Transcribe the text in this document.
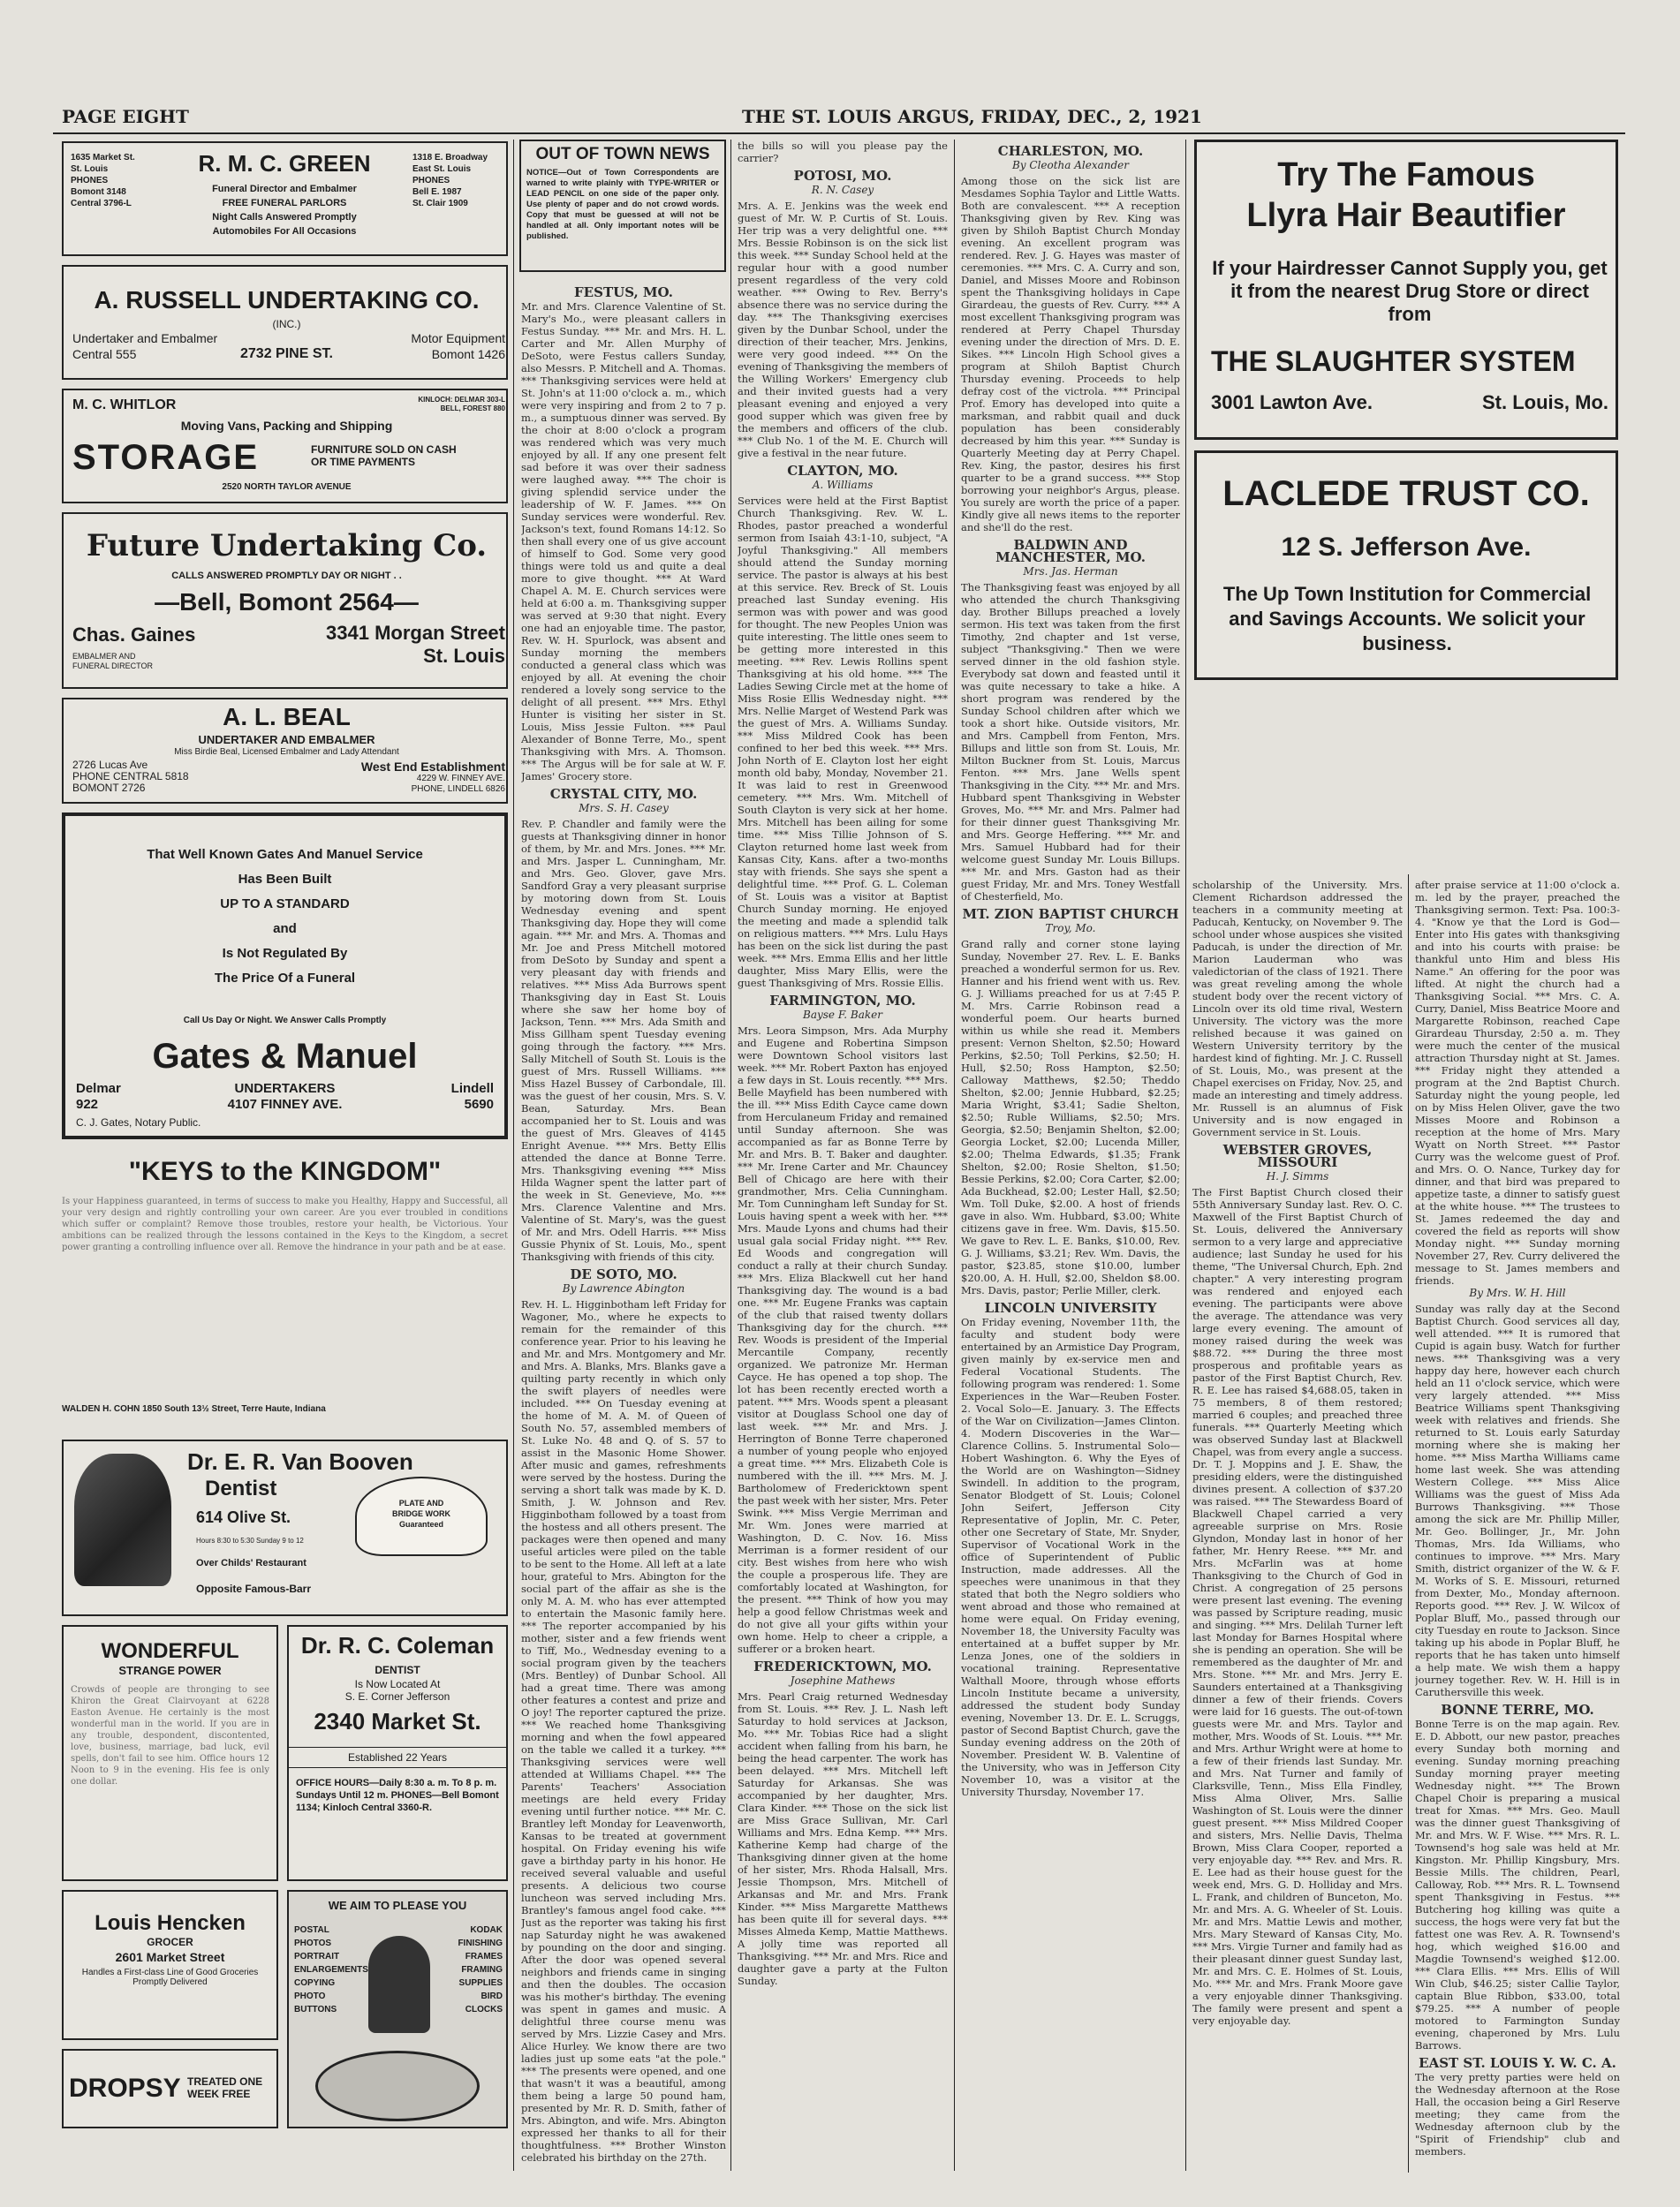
PAGE EIGHT	THE ST. LOUIS ARGUS, FRIDAY, DEC., 2, 1921
1635 Market St.
St. Louis
PHONES
Bomont 3148
Central 3796-L
R. M. C. GREEN
Funeral Director and Embalmer
FREE FUNERAL PARLORS
Night Calls Answered Promptly
Automobiles For All Occasions
1318 E. Broadway
East St. Louis
PHONES
Bell E. 1987
St. Clair 1909
A. RUSSELL UNDERTAKING CO.
(INC.)
Undertaker and Embalmer
Central 555	2732 PINE ST.
Motor Equipment
Bomont 1426
M. C. WHITLOR	KINLOCH: DELMAR 303-L
BELL, FOREST 880
Moving Vans, Packing and Shipping
STORAGE	FURNITURE SOLD ON CASH
OR TIME PAYMENTS
2520 NORTH TAYLOR AVENUE
Future Undertaking Co.
CALLS ANSWERED PROMPTLY DAY OR NIGHT . .
—Bell, Bomont 2564—
Chas. Gaines
EMBALMER AND
FUNERAL DIRECTOR
3341 Morgan Street
St. Louis
A. L. BEAL
UNDERTAKER AND EMBALMER
Miss Birdie Beal, Licensed Embalmer and Lady Attendant
2726 Lucas Ave
PHONE CENTRAL 5818
BOMONT 2726
West End Establishment
4229 W. FINNEY AVE.
PHONE, LINDELL 6826
That Well Known Gates And Manuel Service
Has Been Built
UP TO A STANDARD
and
Is Not Regulated By
The Price Of a Funeral
Call Us Day Or Night. We Answer Calls Promptly
Gates & Manuel
Delmar
922
UNDERTAKERS
4107 FINNEY AVE.
Lindell
5690
C. J. Gates, Notary Public.
"KEYS to the KINGDOM"
Is your Happiness guaranteed, in terms of success to make you Healthy, Happy and Successful, all your very design and rightly controlling your own career. Are you ever troubled in conditions which suffer or complaint? Remove those troubles, restore your health, be Victorious. Your ambitions can be realized through the lessons contained in the Keys to the Kingdom, a secret power granting a controlling influence over all. Remove the hindrance in your path and be at ease.
WALDEN H. COHN 1850 South 13½ Street, Terre Haute, Indiana
Dr. E. R. Van Booven
Dentist
614 Olive St.
PLATE AND
BRIDGE WORK
Guaranteed
Hours 8:30 to 5:30 Sunday 9 to 12
Over Childs' Restaurant
Opposite Famous-Barr
WONDERFUL
STRANGE POWER
Crowds of people are thronging to see Khiron the Great Clairvoyant at 6228 Easton Avenue. He certainly is the most wonderful man in the world. If you are in any trouble, despondent, discontented, love, business, marriage, bad luck, evil spells, don't fail to see him. Office hours 12 Noon to 9 in the evening. His fee is only one dollar.
Dr. R. C. Coleman
DENTIST
Is Now Located At
S. E. Corner Jefferson
2340 Market St.
Established 22 Years
OFFICE HOURS—Daily 8:30 a. m. To 8 p. m. Sundays Until 12 m. PHONES—Bell Bomont 1134; Kinloch Central 3360-R.
Louis Hencken
GROCER
2601 Market Street
Handles a First-class Line of Good Groceries Promptly Delivered
DROPSY TREATED ONE
WEEK FREE
WE AIM TO PLEASE YOU
POSTAL
PHOTOS
PORTRAIT
ENLARGEMENTS
COPYING
PHOTO
BUTTONS
KODAK
FINISHING
FRAMES
FRAMING
SUPPLIES
BIRD
CLOCKS
OUT OF TOWN NEWS
NOTICE—Out of Town Correspondents are warned to write plainly with TYPE-WRITER or LEAD PENCIL on one side of the paper only. Use plenty of paper and do not crowd words. Copy that must be guessed at will not be handled at all. Only important notes will be published.
FESTUS, MO.

Mr. and Mrs. Clarence Valentine of St. Mary's Mo., were pleasant callers in Festus Sunday. *** Mr. and Mrs. H. L. Carter and Mr. Allen Murphy of DeSoto, were Festus callers Sunday, also Messrs. P. Mitchell and A. Thomas. *** Thanksgiving services were held at St. John's at 11:00 o'clock a. m., which were very inspiring and from 2 to 7 p. m., a sumptuous dinner was served. By the choir at 8:00 o'clock a program was rendered which was very much enjoyed by all. If any one present felt sad before it was over their sadness were laughed away. *** The choir is giving splendid service under the leadership of W. F. James. *** On Sunday services were wonderful. Rev. Jackson's text, found Romans 14:12. So then shall every one of us give account of himself to God. Some very good things were told us and quite a deal more to give thought. *** At Ward Chapel A. M. E. Church services were held at 6:00 a. m. Thanksgiving supper was served at 9:30 that night. Every one had an enjoyable time. The pastor, Rev. W. H. Spurlock, was absent and Sunday morning the members conducted a general class which was enjoyed by all. At evening the choir rendered a lovely song service to the delight of all present. *** Mrs. Ethyl Hunter is visiting her sister in St. Louis, Miss Jessie Fulton. *** Paul Alexander of Bonne Terre, Mo., spent Thanksgiving with Mrs. A. Thomson. *** The Argus will be for sale at W. F. James' Grocery store.

CRYSTAL CITY, MO.
Mrs. S. H. Casey

Rev. P. Chandler and family were the guests at Thanksgiving dinner in honor of them, by Mr. and Mrs. Jones. *** Mr. and Mrs. Jasper L. Cunningham, Mr. and Mrs. Geo. Glover, gave Mrs. Sandford Gray a very pleasant surprise by motoring down from St. Louis Wednesday evening and spent Thanksgiving day. Hope they will come again. *** Mr. and Mrs. A. Thomas and Mr. Joe and Press Mitchell motored from DeSoto by Sunday and spent a very pleasant day with friends and relatives. *** Miss Ada Burrows spent Thanksgiving day in East St. Louis where she saw her home boy of Jackson, Tenn. *** Mrs. Ada Smith and Miss Gillham spent Tuesday evening going through the factory. *** Mrs. Sally Mitchell of South St. Louis is the guest of Mrs. Russell Williams. *** Miss Hazel Bussey of Carbondale, Ill. was the guest of her cousin, Mrs. S. V. Bean, Saturday. Mrs. Bean accompanied her to St. Louis and was the guest of Mrs. Gleaves of 4145 Enright Avenue. *** Mrs. Betty Ellis attended the dance at Bonne Terre. Mrs. Thanksgiving evening *** Miss Hilda Wagner spent the latter part of the week in St. Genevieve, Mo. *** Mrs. Clarence Valentine and Mrs. Valentine of St. Mary's, was the guest of Mr. and Mrs. Odell Harris. *** Miss Gussie Phynix of St. Louis, Mo., spent Thanksgiving with friends of this city.

DE SOTO, MO.
By Lawrence Abington

Rev. H. L. Higginbotham left Friday for Wagoner, Mo., where he expects to remain for the remainder of this conference year. Prior to his leaving he and Mr. and Mrs. Montgomery and Mr. and Mrs. A. Blanks, Mrs. Blanks gave a quilting party recently in which only the swift players of needles were included. *** On Tuesday evening at the home of M. A. M. of Queen of South No. 57, assembled members of St. Luke No. 48 and Q. of S. 57 to assist in the Masonic Home Shower. After music and games, refreshments were served by the hostess. During the serving a short talk was made by K. D. Smith, J. W. Johnson and Rev. Higginbotham followed by a toast from the hostess and all others present. The packages were then opened and many useful articles were piled on the table to be sent to the Home. All left at a late hour, grateful to Mrs. Abington for the social part of the affair as she is the only M. A. M. who has ever attempted to entertain the Masonic family here. *** The reporter accompanied by his mother, sister and a few friends went to Tiff, Mo., Wednesday evening to a social program given by the teachers (Mrs. Bentley) of Dunbar School. All had a great time. There was among other features a contest and prize and O joy! The reporter captured the prize. *** We reached home Thanksgiving morning and when the fowl appeared on the table we called it a turkey. *** Thanksgiving services were well attended at Williams Chapel. *** The Parents' Teachers' Association meetings are held every Friday evening until further notice. *** Mr. C. Brantley left Monday for Leavenworth, Kansas to be treated at government hospital. On Friday evening his wife gave a birthday party in his honor. He received several valuable and useful presents. A delicious two course luncheon was served including Mrs. Brantley's famous angel food cake. *** Just as the reporter was taking his first nap Saturday night he was awakened by pounding on the door and singing. After the door was opened several neighbors and friends came in singing and then the doubles. The occasion was his mother's birthday. The evening was spent in games and music. A delightful three course menu was served by Mrs. Lizzie Casey and Mrs. Alice Hurley. We know there are two ladies just up some eats "at the pole." *** The presents were opened, and one that wasn't it was a beautiful, among them being a large 50 pound ham, presented by Mr. R. D. Smith, father of Mrs. Abington, and wife. Mrs. Abington expressed her thanks to all for their thoughtfulness. *** Brother Winston celebrated his birthday on the 27th.

the bills so will you please pay the carrier?

POTOSI, MO.
R. N. Casey

Mrs. A. E. Jenkins was the week end guest of Mr. W. P. Curtis of St. Louis. Her trip was a very delightful one. *** Mrs. Bessie Robinson is on the sick list this week. *** Sunday School held at the regular hour with a good number present regardless of the very cold weather. *** Owing to Rev. Berry's absence there was no service during the day. *** The Thanksgiving exercises given by the Dunbar School, under the direction of their teacher, Mrs. Jenkins, were very good indeed. *** On the evening of Thanksgiving the members of the Willing Workers' Emergency club and their invited guests had a very pleasant evening and enjoyed a very good supper which was given free by the members and officers of the club. *** Club No. 1 of the M. E. Church will give a festival in the near future.

CLAYTON, MO.
A. Williams

Services were held at the First Baptist Church Thanksgiving. Rev. W. L. Rhodes, pastor preached a wonderful sermon from Isaiah 43:1-10, subject, "A Joyful Thanksgiving." All members should attend the Sunday morning service. The pastor is always at his best at this service. Rev. Breck of St. Louis preached last Sunday evening. His sermon was with power and was good for thought. The new Peoples Union was quite interesting. The little ones seem to be getting more interested in this meeting. *** Rev. Lewis Rollins spent Thanksgiving at his old home. *** The Ladies Sewing Circle met at the home of Miss Rosie Ellis Wednesday night. *** Mrs. Nellie Marget of Westend Park was the guest of Mrs. A. Williams Sunday. *** Miss Mildred Cook has been confined to her bed this week. *** Mrs. John North of E. Clayton lost her eight month old baby, Monday, November 21. It was laid to rest in Greenwood cemetery. *** Mrs. Wm. Mitchell of South Clayton is very sick at her home. Mrs. Mitchell has been ailing for some time. *** Miss Tillie Johnson of S. Clayton returned home last week from Kansas City, Kans. after a two-months stay with friends. She says she spent a delightful time. *** Prof. G. L. Coleman of St. Louis was a visitor at Baptist Church Sunday morning. He enjoyed the meeting and made a splendid talk on religious matters. *** Mrs. Lulu Hays has been on the sick list during the past week. *** Mrs. Emma Ellis and her little daughter, Miss Mary Ellis, were the guest Thanksgiving of Mrs. Rossie Ellis.

FARMINGTON, MO.
Bayse F. Baker

Mrs. Leora Simpson, Mrs. Ada Murphy and Eugene and Robertina Simpson were Downtown School visitors last week. *** Mr. Robert Paxton has enjoyed a few days in St. Louis recently. *** Mrs. Belle Mayfield has been numbered with the ill. *** Miss Edith Cayce came down from Herculaneum Friday and remained until Sunday afternoon. She was accompanied as far as Bonne Terre by Mr. and Mrs. B. T. Baker and daughter. *** Mr. Irene Carter and Mr. Chauncey Bell of Chicago are here with their grandmother, Mrs. Celia Cunningham. Mr. Tom Cunningham left Sunday for St. Louis having spent a week with her. *** Mrs. Maude Lyons and chums had their usual gala social Friday night. *** Rev. Ed Woods and congregation will conduct a rally at their church Sunday. *** Mrs. Eliza Blackwell cut her hand Thanksgiving day. The wound is a bad one. *** Mr. Eugene Franks was captain of the club that raised twenty dollars Thanksgiving day for the church. *** Rev. Woods is president of the Imperial Mercantile Company, recently organized. We patronize Mr. Herman Cayce. He has opened a top shop. The lot has been recently erected worth a patent. *** Mrs. Woods spent a pleasant visitor at Douglass School one day of last week. *** Mr. and Mrs. J. Herrington of Bonne Terre chaperoned a number of young people who enjoyed a great time. *** Mrs. Elizabeth Cole is numbered with the ill. *** Mrs. M. J. Bartholomew of Fredericktown spent the past week with her sister, Mrs. Peter Swink. *** Miss Vergie Merriman and Mr. Wm. Jones were married at Washington, D. C. Nov. 16. Miss Merriman is a former resident of our city. Best wishes from here who wish the couple a prosperous life. They are comfortably located at Washington, for the present. *** Think of how you may help a good fellow Christmas week and do not give all your gifts within your own home. Help to cheer a cripple, a sufferer or a broken heart.

FREDERICKTOWN, MO.
Josephine Mathews

Mrs. Pearl Craig returned Wednesday from St. Louis. *** Rev. J. L. Nash left Saturday to hold services at Jackson, Mo. *** Mr. Tobias Rice had a slight accident when falling from his barn, he being the head carpenter. The work has been delayed. *** Mrs. Mitchell left Saturday for Arkansas. She was accompanied by her daughter, Mrs. Clara Kinder. *** Those on the sick list are Miss Grace Sullivan, Mr. Carl Williams and Mrs. Edna Kemp. *** Mrs. Katherine Kemp had charge of the Thanksgiving dinner given at the home of her sister, Mrs. Rhoda Halsall, Mrs. Jessie Thompson, Mrs. Mitchell of Arkansas and Mr. and Mrs. Frank Kinder. *** Miss Margarette Matthews has been quite ill for several days. *** Misses Almeda Kemp, Mattie Matthews. A jolly time was reported all Thanksgiving. *** Mr. and Mrs. Rice and daughter gave a party at the Fulton Sunday.

CHARLESTON, MO.
By Cleotha Alexander

Among those on the sick list are Mesdames Sophia Taylor and Little Watts. Both are convalescent. *** A reception Thanksgiving given by Rev. King was given by Shiloh Baptist Church Monday evening. An excellent program was rendered. Rev. J. G. Hayes was master of ceremonies. *** Mrs. C. A. Curry and son, Daniel, and Misses Moore and Robinson spent the Thanksgiving holidays in Cape Girardeau, the guests of Rev. Curry. *** A most excellent Thanksgiving program was rendered at Perry Chapel Thursday evening under the direction of Mrs. D. E. Sikes. *** Lincoln High School gives a program at Shiloh Baptist Church Thursday evening. Proceeds to help defray cost of the victrola. *** Principal Prof. Emory has developed into quite a marksman, and rabbit quail and duck population has been considerably decreased by him this year. *** Sunday is Quarterly Meeting day at Perry Chapel. Rev. King, the pastor, desires his first quarter to be a grand success. *** Stop borrowing your neighbor's Argus, please. You surely are worth the price of a paper. Kindly give all news items to the reporter and she'll do the rest.

BALDWIN AND MANCHESTER, MO.
Mrs. Jas. Herman

The Thanksgiving feast was enjoyed by all who attended the church Thanksgiving day. Brother Billups preached a lovely sermon. His text was taken from the first Timothy, 2nd chapter and 1st verse, subject "Thanksgiving." Then we were served dinner in the old fashion style. Everybody sat down and feasted until it was quite necessary to take a hike. A short program was rendered by the Sunday School children after which we took a short hike. Outside visitors, Mr. and Mrs. Campbell from Fenton, Mrs. Billups and little son from St. Louis, Mr. Milton Buckner from St. Louis, Marcus Fenton. *** Mrs. Jane Wells spent Thanksgiving in the City. *** Mr. and Mrs. Hubbard spent Thanksgiving in Webster Groves, Mo. *** Mr. and Mrs. Palmer had for their dinner guest Thanksgiving Mr. and Mrs. George Heffering. *** Mr. and Mrs. Samuel Hubbard had for their welcome guest Sunday Mr. Louis Billups. *** Mr. and Mrs. Gaston had as their guest Friday, Mr. and Mrs. Toney Westfall of Chesterfield, Mo.

MT. ZION BAPTIST CHURCH
Troy, Mo.

Grand rally and corner stone laying Sunday, November 27. Rev. L. E. Banks preached a wonderful sermon for us. Rev. Hanner and his friend went with us. Rev. G. J. Williams preached for us at 7:45 P. M. Mrs. Carrie Robinson read a wonderful poem. Our hearts burned within us while she read it. Members present: Vernon Shelton, $2.50; Howard Perkins, $2.50; Toll Perkins, $2.50; H. Hull, $2.50; Ross Hampton, $2.50; Calloway Matthews, $2.50; Theddo Shelton, $2.00; Jennie Hubbard, $2.25; Maria Wright, $3.41; Sadie Shelton, $2.50; Ruble Williams, $2.50; Mrs. Georgia, $2.50; Benjamin Shelton, $2.00; Georgia Locket, $2.00; Lucenda Miller, $2.00; Thelma Edwards, $1.35; Frank Shelton, $2.00; Rosie Shelton, $1.50; Bessie Perkins, $2.00; Cora Carter, $2.00; Ada Buckhead, $2.00; Lester Hall, $2.50; Wm. Toll Duke, $2.00. A host of friends gave in also. Wm. Hubbard, $3.00; White citizens gave in free. Wm. Davis, $15.50. We gave to Rev. L. E. Banks, $10.00, Rev. G. J. Williams, $3.21; Rev. Wm. Davis, the pastor, $23.85, stone $10.00, lumber $20.00, A. H. Hull, $2.00, Sheldon $8.00. Mrs. Davis, pastor; Perlie Miller, clerk.

LINCOLN UNIVERSITY

On Friday evening, November 11th, the faculty and student body were entertained by an Armistice Day Program, given mainly by ex-service men and Federal Vocational Students. The following program was rendered: 1. Some Experiences in the War—Reuben Foster. 2. Vocal Solo—E. January. 3. The Effects of the War on Civilization—James Clinton. 4. Modern Discoveries in the War—Clarence Collins. 5. Instrumental Solo—Hobert Washington. 6. Why the Eyes of the World are on Washington—Sidney Swindell. In addition to the program, Senator Blodgett of St. Louis; Colonel John Seifert, Jefferson City Representative of Joplin, Mr. C. Peter, other one Secretary of State, Mr. Snyder, Supervisor of Vocational Work in the office of Superintendent of Public Instruction, made addresses. All the speeches were unanimous in that they stated that both the Negro soldiers who went abroad and those who remained at home were equal. On Friday evening, November 18, the University Faculty was entertained at a buffet supper by Mr. Lenza Jones, one of the soldiers in vocational training. Representative Walthall Moore, through whose efforts Lincoln Institute became a university, addressed the student body Sunday evening, November 13. Dr. E. L. Scruggs, pastor of Second Baptist Church, gave the Sunday evening address on the 20th of November. President W. B. Valentine of the University, who was in Jefferson City November 10, was a visitor at the University Thursday, November 17.

Try The Famous
Llyra Hair Beautifier
If your Hairdresser Cannot Supply you, get it from the nearest Drug Store or direct from
THE SLAUGHTER SYSTEM
3001 Lawton Ave.	St. Louis, Mo.
LACLEDE TRUST CO.
12 S. Jefferson Ave.
The Up Town Institution for Commercial and Savings Accounts. We solicit your business.

scholarship of the University. Mrs. Clement Richardson addressed the teachers in a community meeting at Paducah, Kentucky, on November 9. The school under whose auspices she visited Paducah, is under the direction of Mr. Marion Lauderman who was valedictorian of the class of 1921. There was great reveling among the whole student body over the recent victory of Lincoln over its old time rival, Western University. The victory was the more relished because it was gained on Western University territory by the hardest kind of fighting. Mr. J. C. Russell of St. Louis, Mo., was present at the Chapel exercises on Friday, Nov. 25, and made an interesting and timely address. Mr. Russell is an alumnus of Fisk University and is now engaged in Government service in St. Louis.

WEBSTER GROVES, MISSOURI
H. J. Simms

The First Baptist Church closed their 55th Anniversary Sunday last. Rev. O. C. Maxwell of the First Baptist Church of St. Louis, delivered the Anniversary sermon to a very large and appreciative audience; last Sunday he used for his theme, "The Universal Church, Eph. 2nd chapter." A very interesting program was rendered and enjoyed each evening. The participants were above the average. The attendance was very large every evening. The amount of money raised during the week was $88.72. *** During the three most prosperous and profitable years as pastor of the First Baptist Church, Rev. R. E. Lee has raised $4,688.05, taken in 75 members, 8 of them restored; married 6 couples; and preached three funerals. *** Quarterly Meeting which was observed Sunday last at Blackwell Chapel, was from every angle a success. Dr. T. J. Moppins and J. E. Shaw, the presiding elders, were the distinguished divines present. A collection of $37.20 was raised. *** The Stewardess Board of Blackwell Chapel carried a very agreeable surprise on Mrs. Rosie Glyndon, Monday last in honor of her father, Mr. Henry Reese. *** Mr. and Mrs. McFarlin was at home Thanksgiving to the Church of God in Christ. A congregation of 25 persons were present last evening. The evening was passed by Scripture reading, music and singing. *** Mrs. Delilah Turner left last Monday for Barnes Hospital where she is pending an operation. She will be remembered as the daughter of Mr. and Mrs. Stone. *** Mr. and Mrs. Jerry E. Saunders entertained at a Thanksgiving dinner a few of their friends. Covers were laid for 16 guests. The out-of-town guests were Mr. and Mrs. Taylor and mother, Mrs. Woods of St. Louis. *** Mr. and Mrs. Arthur Wright were at home to a few of their friends last Sunday. Mr. and Mrs. Nat Turner and family of Clarksville, Tenn., Miss Ella Findley, Miss Alma Oliver, Mrs. Sallie Washington of St. Louis were the dinner guest present. *** Miss Mildred Cooper and sisters, Mrs. Nellie Davis, Thelma Brown, Miss Clara Cooper, reported a very enjoyable day. *** Rev. and Mrs. R. E. Lee had as their house guest for the week end, Mrs. G. D. Holliday and Mrs. L. Frank, and children of Bunceton, Mo. Mr. and Mrs. A. G. Wheeler of St. Louis. Mr. and Mrs. Mattie Lewis and mother, Mrs. Mary Steward of Kansas City, Mo. *** Mrs. Virgie Turner and family had as their pleasant dinner guest Sunday last, Mr. and Mrs. C. E. Holmes of St. Louis, Mo. *** Mr. and Mrs. Frank Moore gave a very enjoyable dinner Thanksgiving. The family were present and spent a very enjoyable day.

after praise service at 11:00 o'clock a. m. led by the prayer, preached the Thanksgiving sermon. Text: Psa. 100:3-4. "Know ye that the Lord is God—Enter into His gates with thanksgiving and into his courts with praise: be thankful unto Him and bless His Name." An offering for the poor was lifted. At night the church had a Thanksgiving Social. *** Mrs. C. A. Curry, Daniel, Miss Beatrice Moore and Margarette Robinson, reached Cape Girardeau Thursday, 2:50 a. m. They were much the center of the musical attraction Thursday night at St. James. *** Friday night they attended a program at the 2nd Baptist Church. Saturday night the young people, led on by Miss Helen Oliver, gave the two Misses Moore and Robinson a reception at the home of Mrs. Mary Wyatt on North Street. *** Pastor Curry was the welcome guest of Prof. and Mrs. O. O. Nance, Turkey day for dinner, and that bird was prepared to appetize taste, a dinner to satisfy guest at the white house. *** The trustees to St. James redeemed the day and covered the field as reports will show Monday night. *** Sunday morning November 27, Rev. Curry delivered the message to St. James members and friends.

By Mrs. W. H. Hill

Sunday was rally day at the Second Baptist Church. Good services all day, well attended. *** It is rumored that Cupid is again busy. Watch for further news. *** Thanksgiving was a very happy day here, however each church held an 11 o'clock service, which were very largely attended. *** Miss Beatrice Williams spent Thanksgiving week with relatives and friends. She returned to St. Louis early Saturday morning where she is making her home. *** Miss Martha Williams came home last week. She was attending Western College. *** Miss Alice Williams was the guest of Miss Ada Burrows Thanksgiving. *** Those among the sick are Mr. Phillip Miller, Mr. Geo. Bollinger, Jr., Mr. John Thomas, Mrs. Ida Williams, who continues to improve. *** Mrs. Mary Smith, district organizer of the W. & F. M. Works of S. E. Missouri, returned from Dexter, Mo., Monday afternoon. Reports good. *** Rev. J. W. Wilcox of Poplar Bluff, Mo., passed through our city Tuesday en route to Jackson. Since taking up his abode in Poplar Bluff, he reports that he has taken unto himself a help mate. We wish them a happy journey together. Rev. W. H. Hill is in Caruthersville this week.

BONNE TERRE, MO.

Bonne Terre is on the map again. Rev. E. D. Abbott, our new pastor, preaches every Sunday both morning and evening. Sunday morning preaching Sunday morning prayer meeting Wednesday night. *** The Brown Chapel Choir is preparing a musical treat for Xmas. *** Mrs. Geo. Maull was the dinner guest Thanksgiving of Mr. and Mrs. W. F. Wise. *** Mrs. R. L. Townsend's hog sale was held at Mr. Kingston. Mr. Phillip Kingsbury, Mrs. Bessie Mills. The children, Pearl, Calloway, Rob. *** Mrs. R. L. Townsend spent Thanksgiving in Festus. *** Butchering hog killing was quite a success, the hogs were very fat but the fattest one was Rev. A. R. Townsend's hog, which weighed $16.00 and Magdie Townsend's weighed $12.00. *** Clara Ellis. *** Mrs. Ellis of Will Win Club, $46.25; sister Callie Taylor, captain Blue Ribbon, $33.00, total $79.25. *** A number of people motored to Farmington Sunday evening, chaperoned by Mrs. Lulu Barrows.

EAST ST. LOUIS Y. W. C. A.

The very pretty parties were held on the Wednesday afternoon at the Rose Hall, the occasion being a Girl Reserve meeting; they came from the Wednesday afternoon club by the "Spirit of Friendship" club and members.
